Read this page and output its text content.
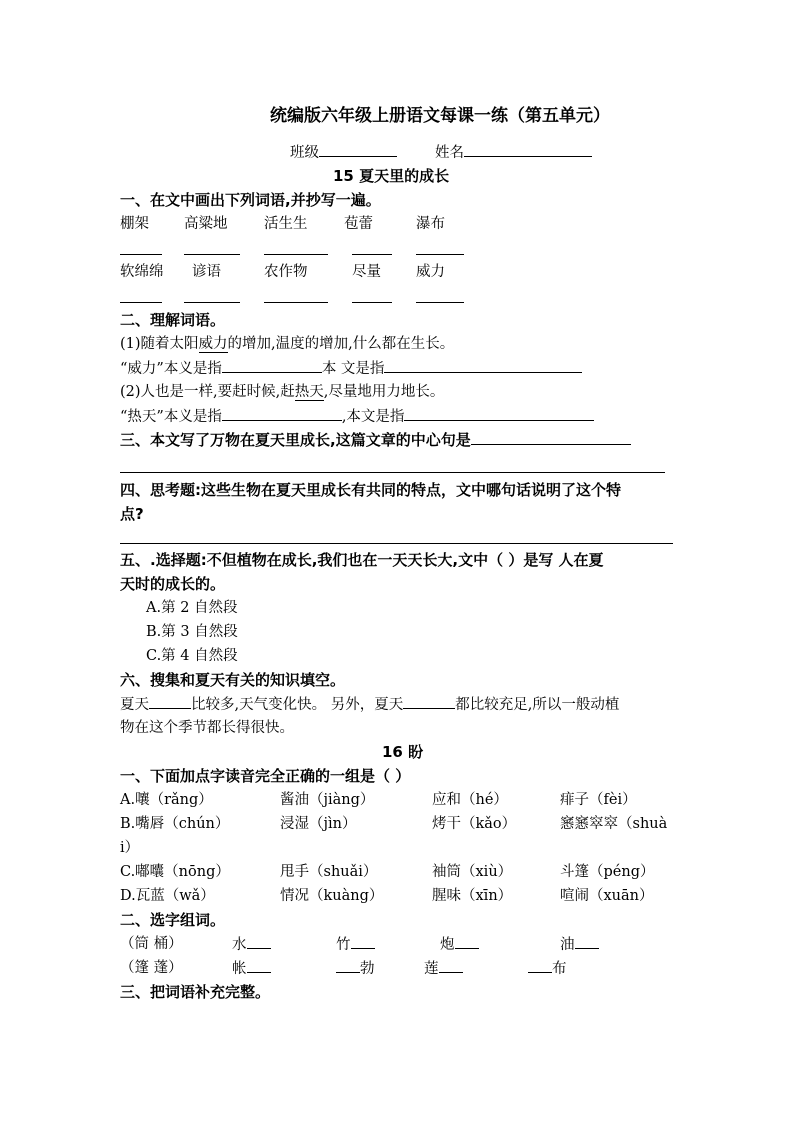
统编版六年级上册语文每课一练（第五单元）
班级	姓名
15 夏天里的成长
一、在文中画出下列词语,并抄写一遍。
棚架 高粱地	活生生	苞蕾	瀑布
软绵绵 谚语	农作物	尽量 威力
二、理解词语。
(1)随着太阳威力的增加,温度的增加,什么都在生长。
“威力”本义是指	本 文是指
(2)人也是一样,要赶时候,赶热天,尽量地用力地长。
“热天”本义是指	,本文是指
三、本文写了万物在夏天里成长,这篇文章的中心句是
四、思考题:这些生物在夏天里成长有共同的特点，文中哪句话说明了这个特
点?
五、.选择题:不但植物在成长,我们也在一天天长大,文中（ ）是写 人在夏
天时的成长的。
A.第 2 自然段
B.第 3 自然段
C.第 4 自然段
六、搜集和夏天有关的知识填空。
夏天	比较多,天气变化快。 另外，夏天	都比较充足,所以一般动植
物在这个季节都长得很快。
16 盼
一、下面加点字读音完全正确的一组是（ ）
A.嚷（rǎng）	酱油（jiàng）	应和（hé）	痱子（fèi）
B.嘴唇（chún）	浸湿（jìn）	烤干（kǎo）	窸窸窣窣（shuà
i）
C.嘟囔（nōng）	甩手（shuǎi）	袖筒（xiù）	斗篷（péng）
D.瓦蓝（wǎ）	情况（kuàng）	腥味（xīn）	喧闹（xuān）
二、选字组词。
（筒 桶）	水	竹	炮	油
（篷 蓬）	帐	勃	莲	布
三、把词语补充完整。
